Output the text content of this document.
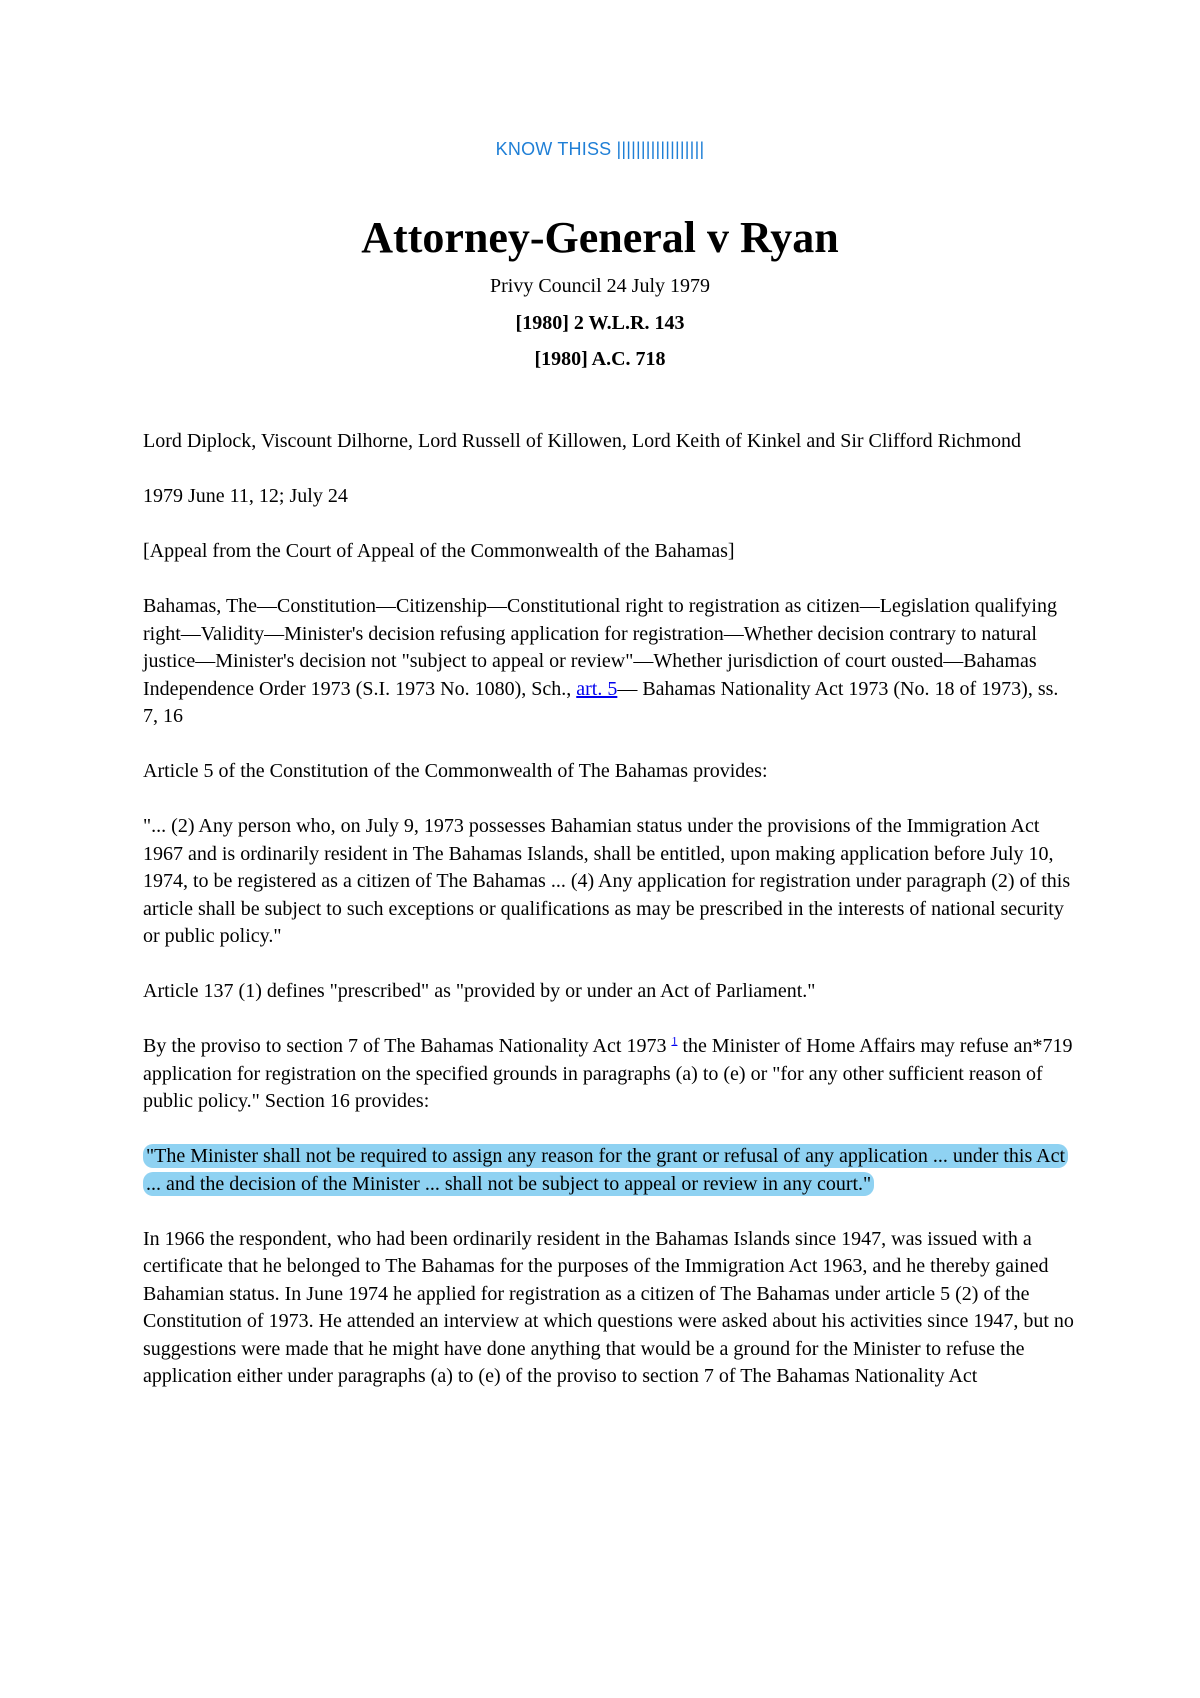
KNOW THISS ||||||||||||||||||
Attorney-General v Ryan
Privy Council 24 July 1979
[1980] 2 W.L.R. 143
[1980] A.C. 718

Lord Diplock, Viscount Dilhorne, Lord Russell of Killowen, Lord Keith of Kinkel and Sir Clifford Richmond

1979 June 11, 12; July 24

[Appeal from the Court of Appeal of the Commonwealth of the Bahamas]

Bahamas, The—Constitution—Citizenship—Constitutional right to registration as citizen—Legislation qualifying right—Validity—Minister's decision refusing application for registration—Whether decision contrary to natural justice—Minister's decision not "subject to appeal or review"—Whether jurisdiction of court ousted—Bahamas Independence Order 1973 (S.I. 1973 No. 1080), Sch., art. 5— Bahamas Nationality Act 1973 (No. 18 of 1973), ss. 7, 16

Article 5 of the Constitution of the Commonwealth of The Bahamas provides:

"... (2) Any person who, on July 9, 1973 possesses Bahamian status under the provisions of the Immigration Act 1967 and is ordinarily resident in The Bahamas Islands, shall be entitled, upon making application before July 10, 1974, to be registered as a citizen of The Bahamas ... (4) Any application for registration under paragraph (2) of this article shall be subject to such exceptions or qualifications as may be prescribed in the interests of national security or public policy."

Article 137 (1) defines "prescribed" as "provided by or under an Act of Parliament."

By the proviso to section 7 of The Bahamas Nationality Act 1973 $^1$ the Minister of Home Affairs may refuse an*719 application for registration on the specified grounds in paragraphs (a) to (e) or "for any other sufficient reason of public policy." Section 16 provides:

"The Minister shall not be required to assign any reason for the grant or refusal of any application ... under this Act ... and the decision of the Minister ... shall not be subject to appeal or review in any court."

In 1966 the respondent, who had been ordinarily resident in the Bahamas Islands since 1947, was issued with a certificate that he belonged to The Bahamas for the purposes of the Immigration Act 1963, and he thereby gained Bahamian status. In June 1974 he applied for registration as a citizen of The Bahamas under article 5 (2) of the Constitution of 1973. He attended an interview at which questions were asked about his activities since 1947, but no suggestions were made that he might have done anything that would be a ground for the Minister to refuse the application either under paragraphs (a) to (e) of the proviso to section 7 of The Bahamas Nationality Act
